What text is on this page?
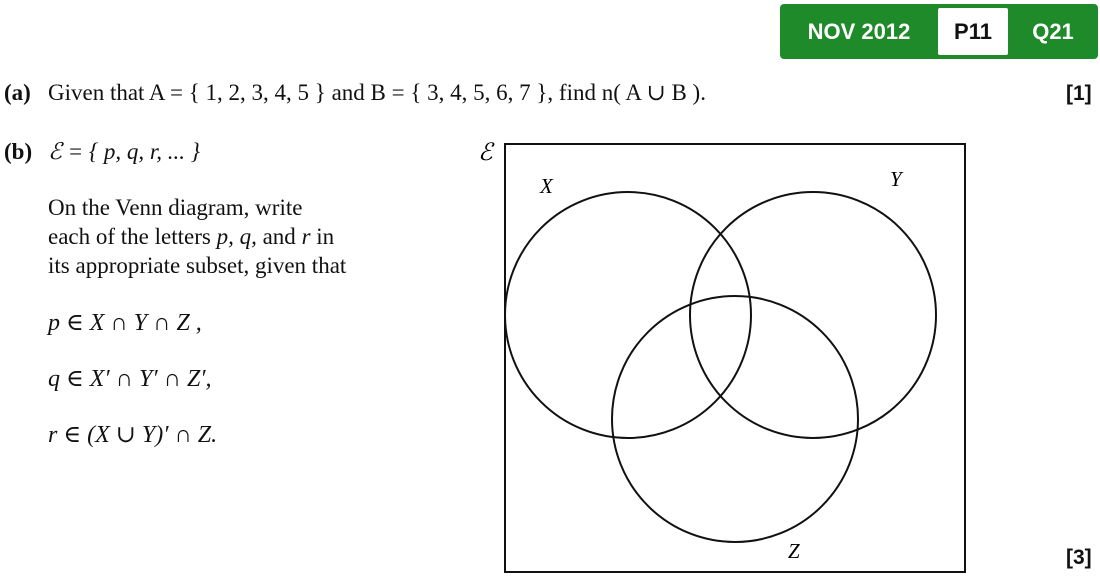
NOV 2012	P11	Q21
(a) Given that A = { 1, 2, 3, 4, 5 } and B = { 3, 4, 5, 6, 7 }, find n( A ∪ B ).	[1]
(b) ℰ = { p, q, r, ... }
On the Venn diagram, write
each of the letters p, q, and r in
its appropriate subset, given that
p ∈ X ∩ Y ∩ Z ,
q ∈ X′ ∩ Y′ ∩ Z′,
r ∈ (X ∪ Y)′ ∩ Z.
[3]
ℰ
X	Y
Z
